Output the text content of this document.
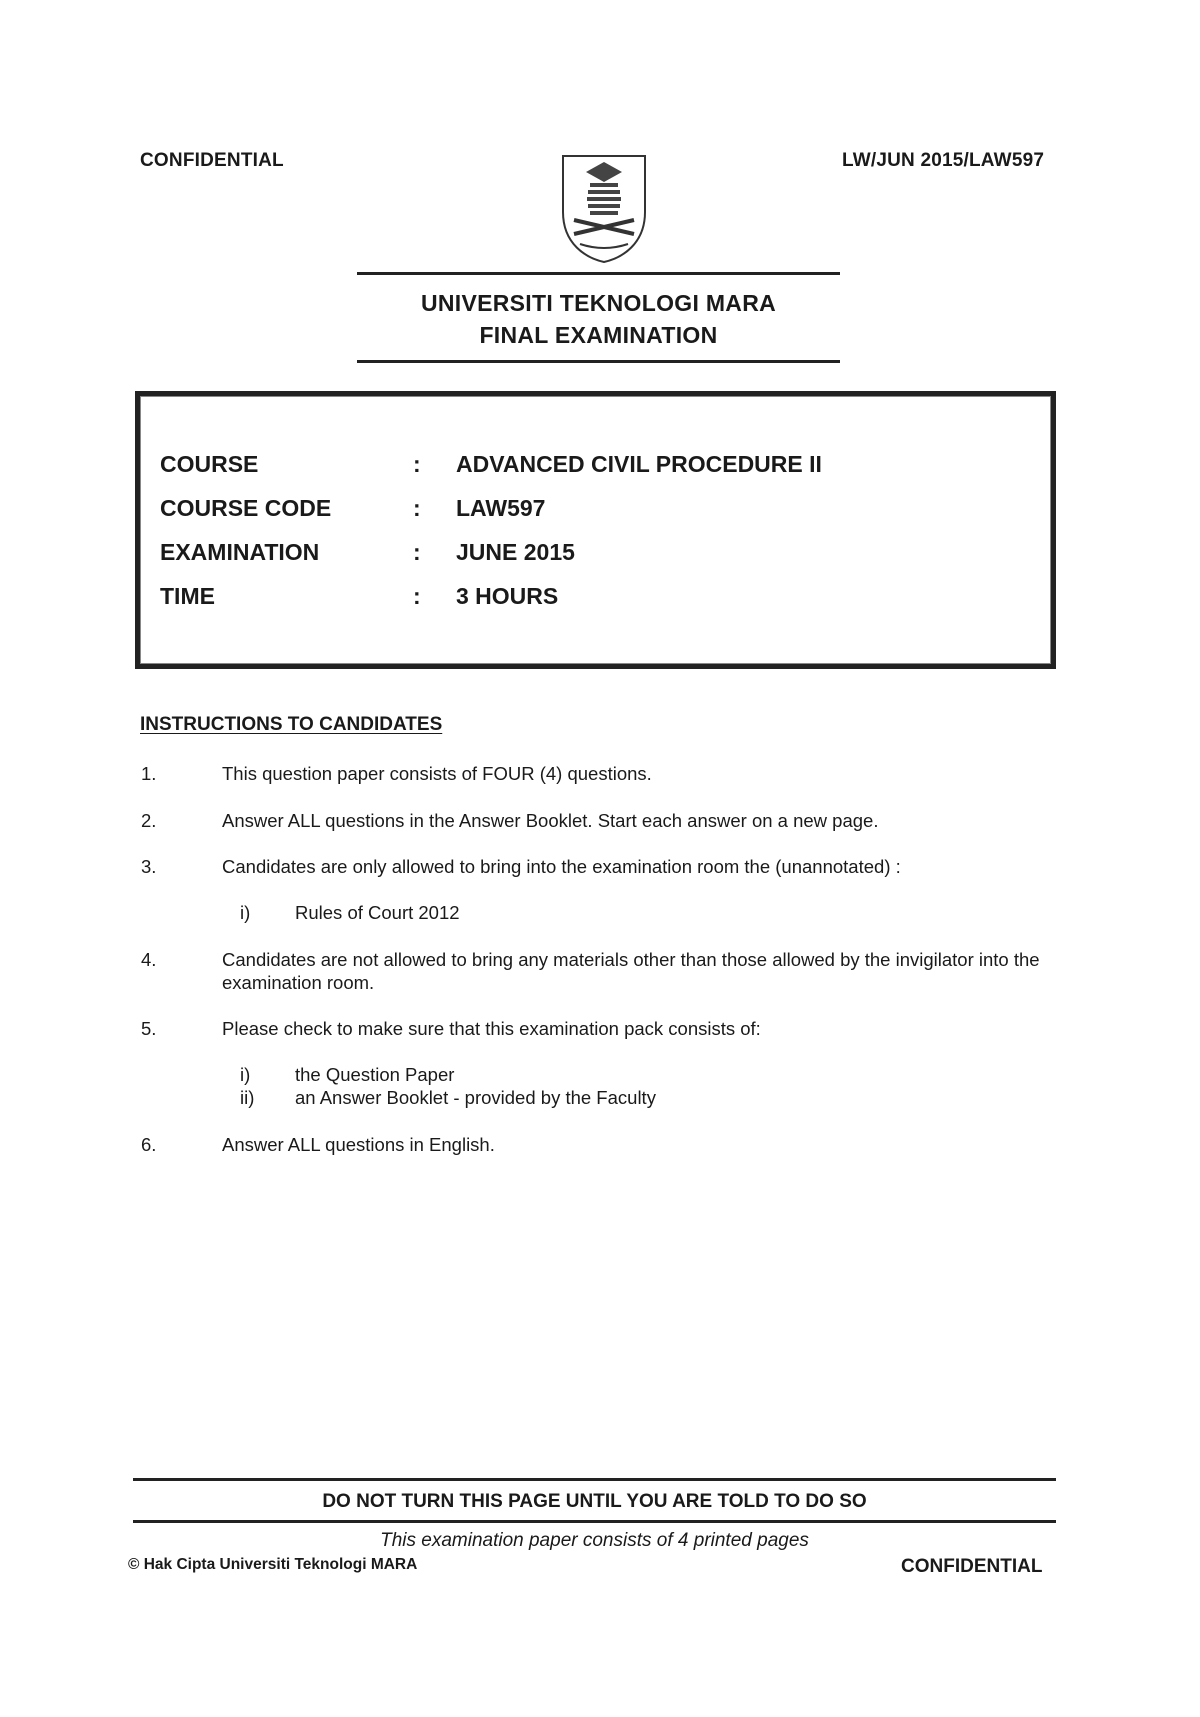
CONFIDENTIAL	LW/JUN 2015/LAW597
UNIVERSITI TEKNOLOGI MARA
FINAL EXAMINATION
COURSE	: ADVANCED CIVIL PROCEDURE II
COURSE CODE	: LAW597
EXAMINATION	: JUNE 2015
TIME	: 3 HOURS
INSTRUCTIONS TO CANDIDATES
1.	This question paper consists of FOUR (4) questions.
2.	Answer ALL questions in the Answer Booklet. Start each answer on a new page.
3.	Candidates are only allowed to bring into the examination room the (unannotated) :
i) Rules of Court 2012
4.	Candidates are not allowed to bring any materials other than those allowed by the invigilator into the examination room.
5.	Please check to make sure that this examination pack consists of:
i) the Question Paper
ii) an Answer Booklet - provided by the Faculty
6.	Answer ALL questions in English.
DO NOT TURN THIS PAGE UNTIL YOU ARE TOLD TO DO SO
This examination paper consists of 4 printed pages
© Hak Cipta Universiti Teknologi MARA	CONFIDENTIAL
